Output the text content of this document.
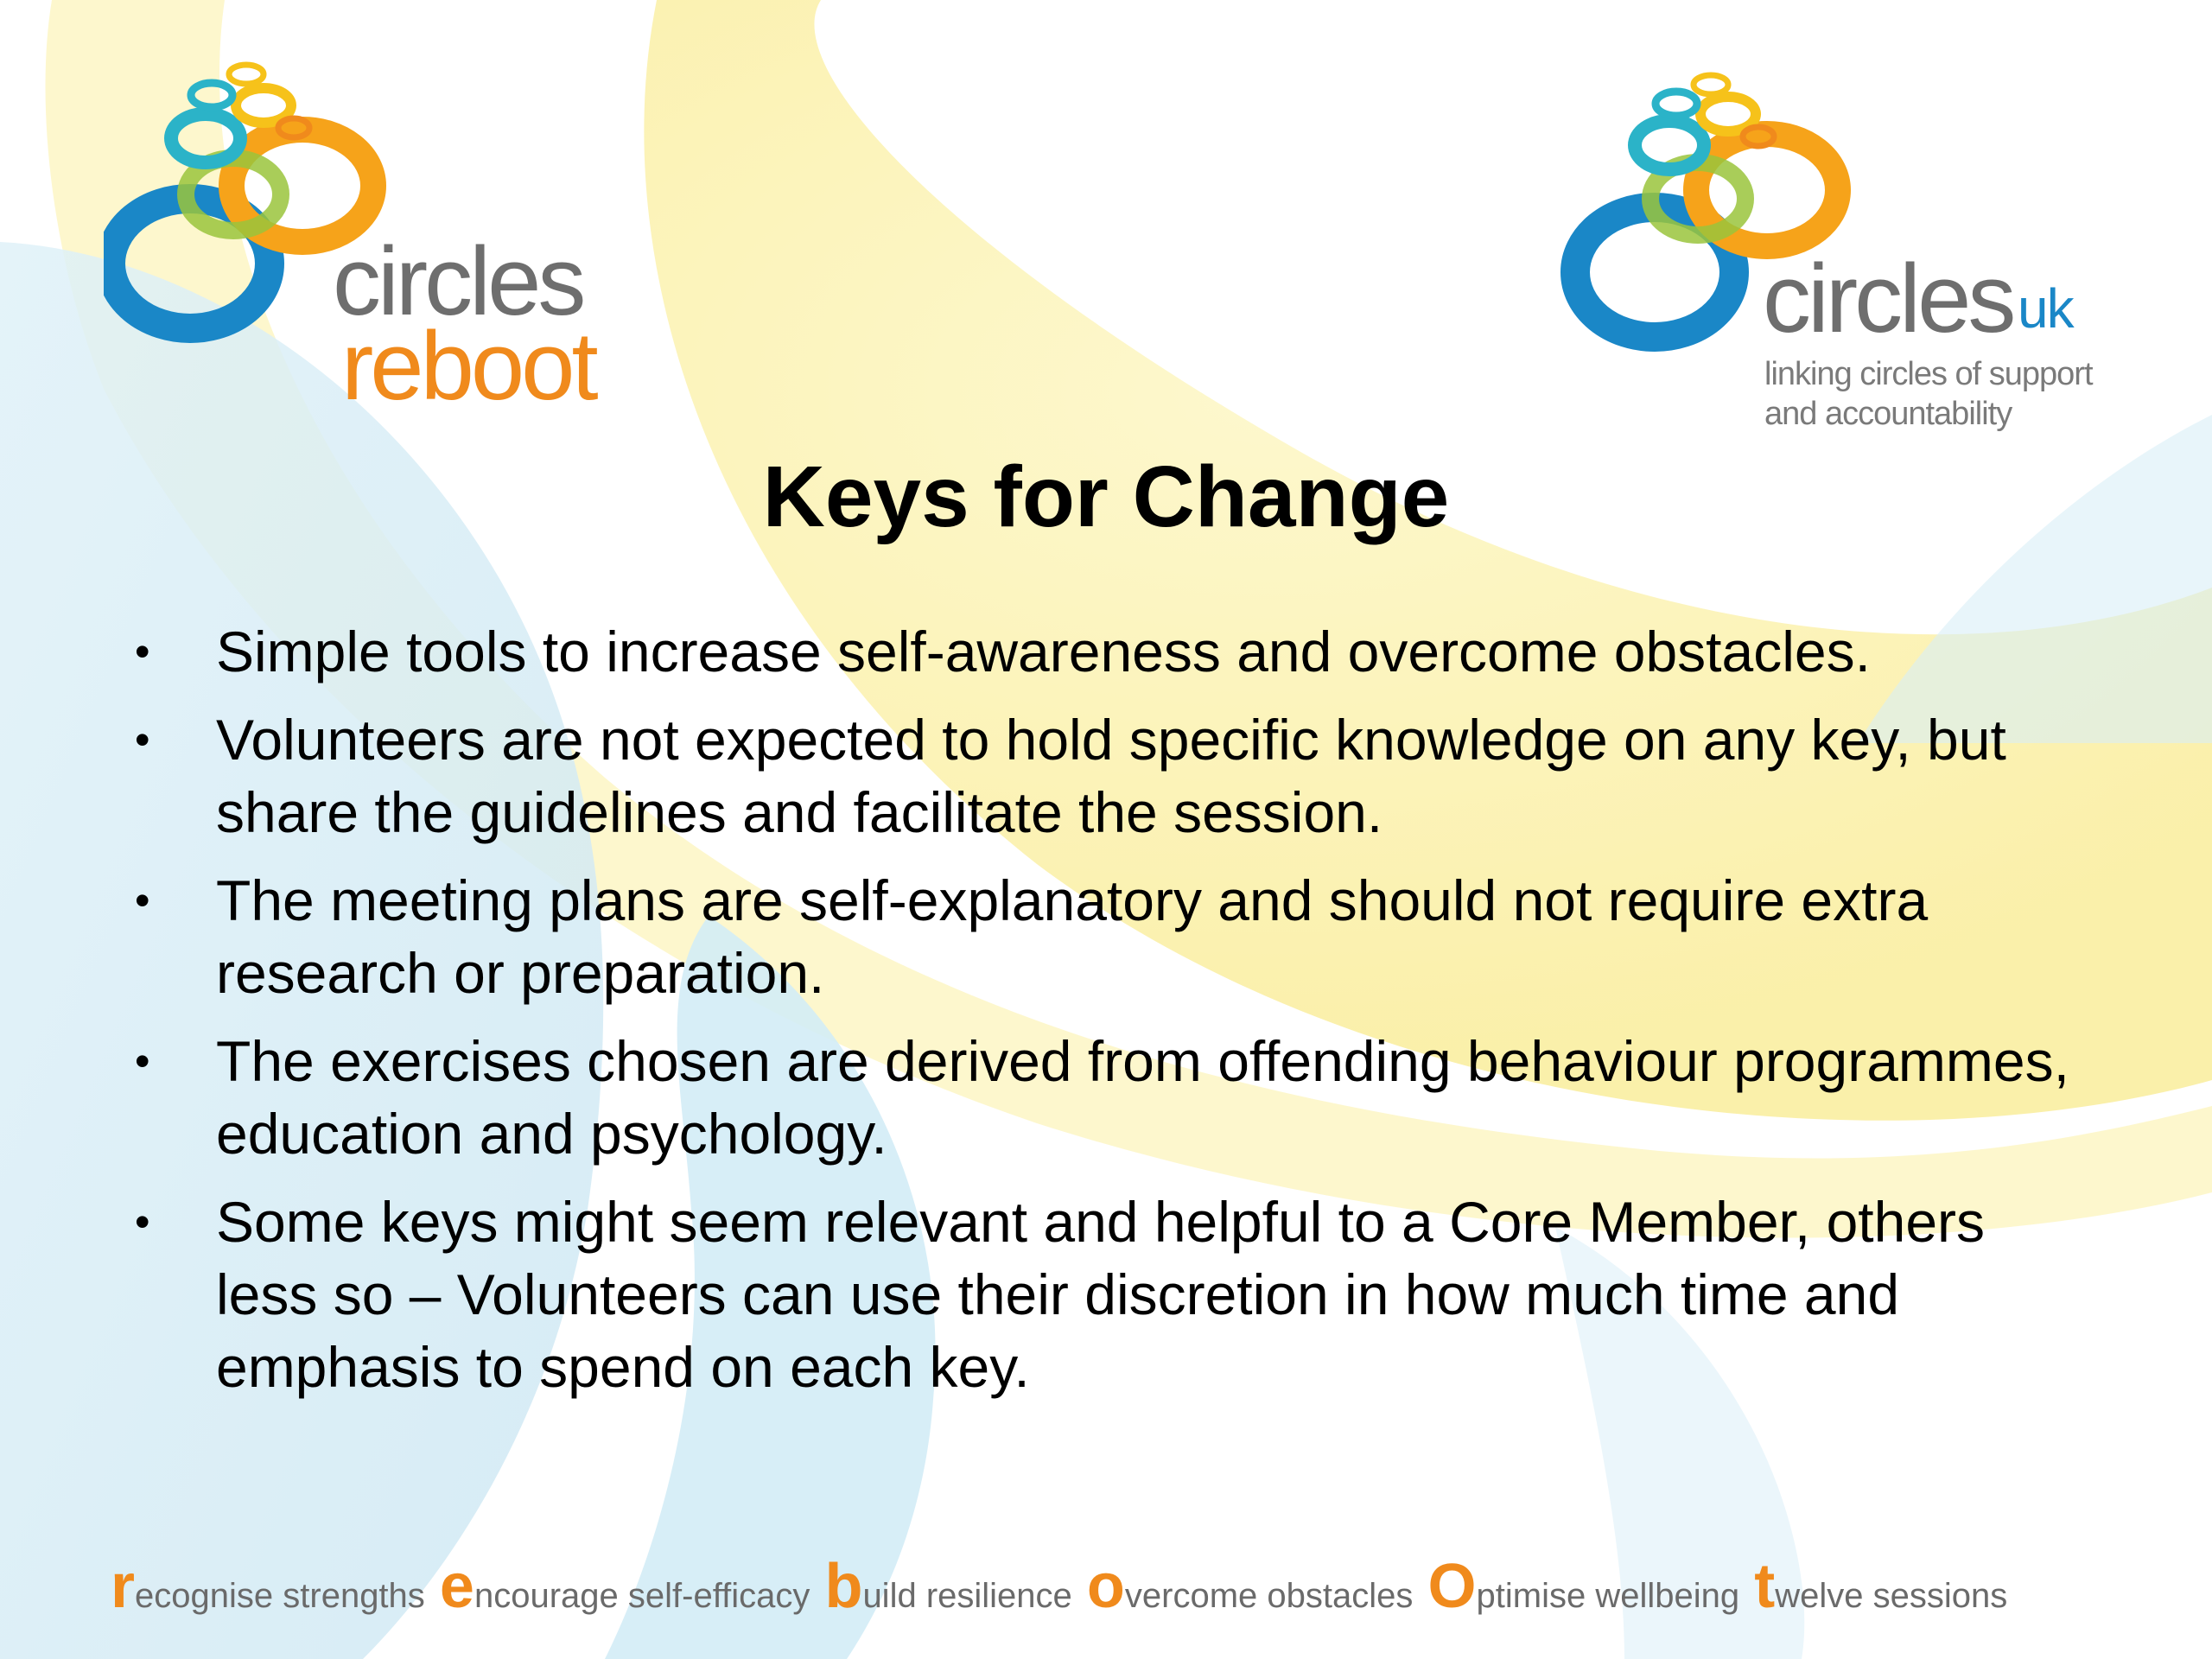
circles
reboot
circles uk
linking circles of support
and accountability
Keys for Change
• Simple tools to increase self-awareness and overcome obstacles.
• Volunteers are not expected to hold specific knowledge on any key, but share the guidelines and facilitate the session.
• The meeting plans are self-explanatory and should not require extra research or preparation.
• The exercises chosen are derived from offending behaviour programmes, education and psychology.
• Some keys might seem relevant and helpful to a Core Member, others less so – Volunteers can use their discretion in how much time and emphasis to spend on each key.
recognise strengths encourage self-efficacy build resilience overcome obstacles Optimise wellbeing twelve sessions
